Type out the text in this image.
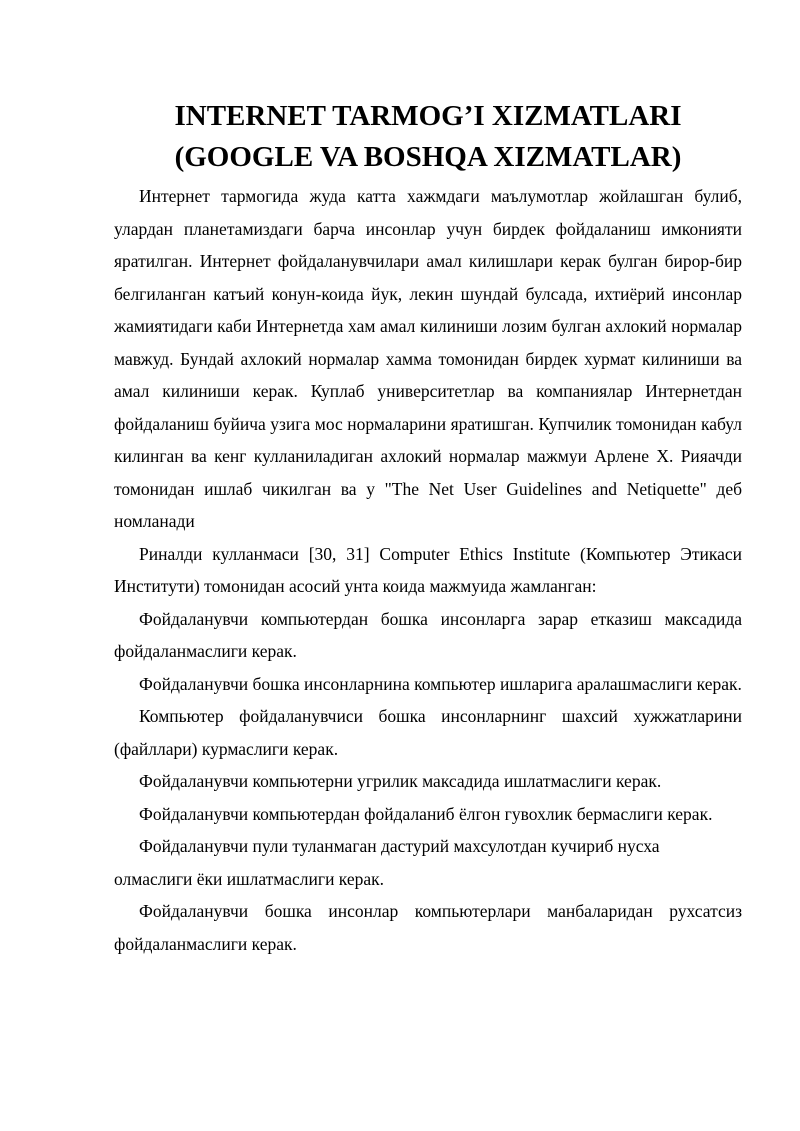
INTERNET TARMOG’I XIZMATLARI
(GOOGLE VA BOSHQA XIZMATLAR)

Интернет тармогида жуда катта хажмдаги маълумотлар жойлашган булиб, улардан планетамиздаги барча инсонлар учун бирдек фойдаланиш имконияти яратилган. Интернет фойдаланувчилари амал килишлари керак булган бирор-бир белгиланган катъий конун-коида йук, лекин шундай булсада, ихтиёрий инсонлар жамиятидаги каби Интернетда хам амал килиниши лозим булган ахлокий нормалар мавжуд. Бундай ахлокий нормалар хамма томонидан бирдек хурмат килиниши ва амал килиниши керак. Куплаб университетлар ва компаниялар Интернетдан фойдаланиш буйича узига мос нормаларини яратишган. Купчилик томонидан кабул килинган ва кенг кулланиладиган ахлокий нормалар мажмуи Арлене Х. Рияачди томонидан ишлаб чикилган ва у "The Net User Guidelines and Netiquette" деб номланади

Риналди кулланмаси [30, 31] Computer Ethics Institute (Компьютер Этикаси Институти) томонидан асосий унта коида мажмуида жамланган:

Фойдаланувчи компьютердан бошка инсонларга зарар етказиш максадида фойдаланмаслиги керак.

Фойдаланувчи бошка инсонларнина компьютер ишларига аралашмаслиги керак.

Компьютер фойдаланувчиси бошка инсонларнинг шахсий хужжатларини (файллари) курмаслиги керак.

Фойдаланувчи компьютерни угрилик максадида ишлатмаслиги керак.

Фойдаланувчи компьютердан фойдаланиб ёлгон гувохлик бермаслиги керак.

Фойдаланувчи пули туланмаган дастурий махсулотдан кучириб нусха олмаслиги ёки ишлатмаслиги керак.

Фойдаланувчи бошка инсонлар компьютерлари манбаларидан рухсатсиз фойдаланмаслиги керак.
